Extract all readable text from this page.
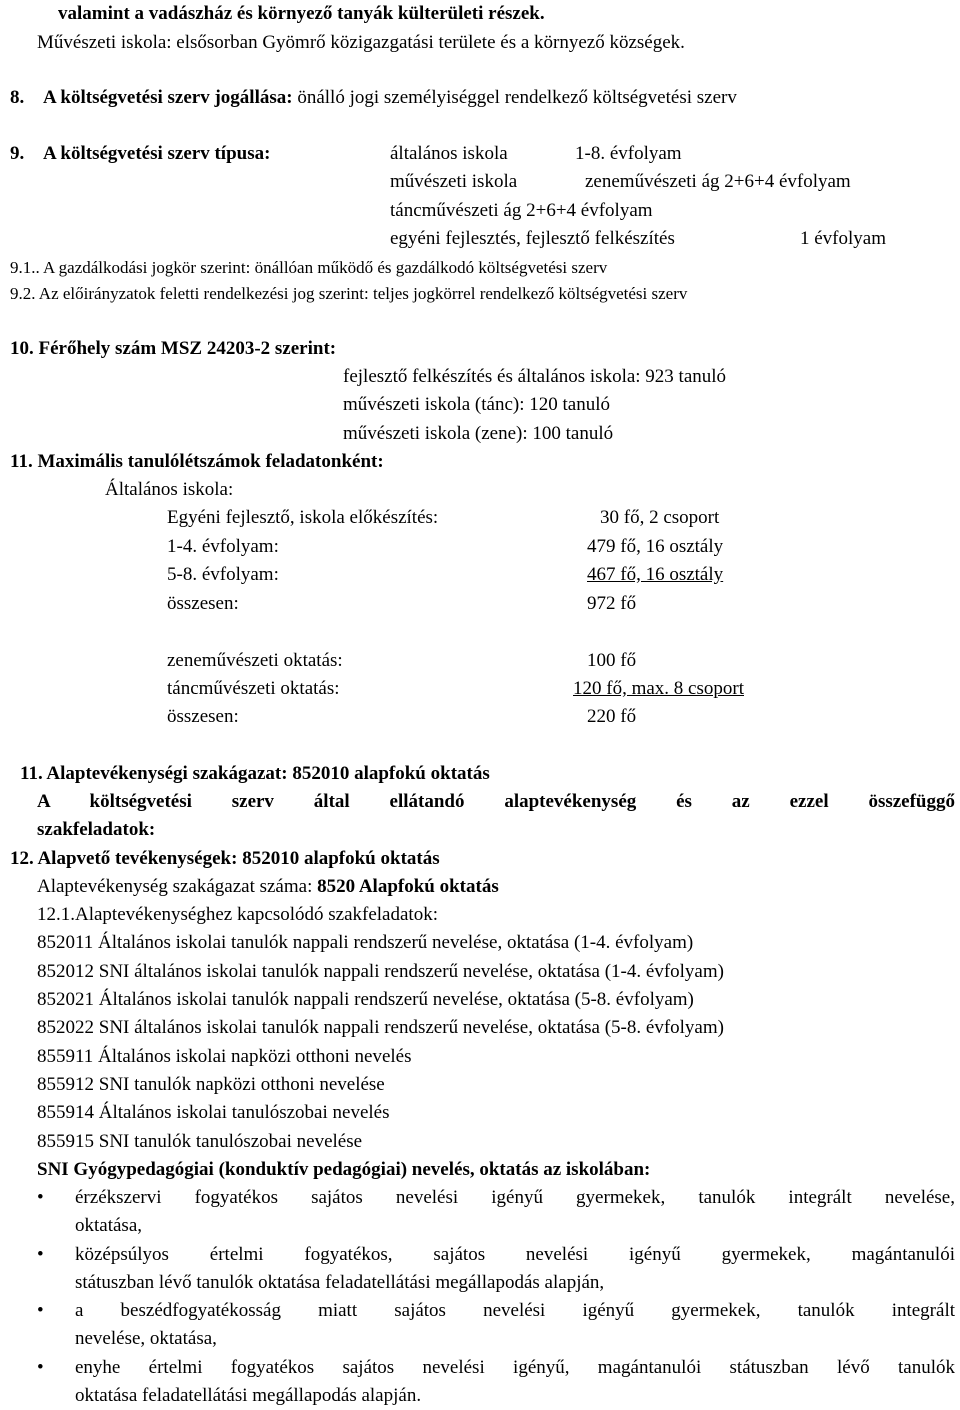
valamint a vadászház és környező tanyák külterületi részek.
Művészeti iskola: elsősorban Gyömrő közigazgatási területe és a környező községek.
8. A költségvetési szerv jogállása: önálló jogi személyiséggel rendelkező költségvetési szerv
9. A költségvetési szerv típusa:	általános iskola	1-8. évfolyam
művészeti iskola	zeneművészeti ág 2+6+4 évfolyam
táncművészeti ág 2+6+4 évfolyam
egyéni fejlesztés, fejlesztő felkészítés	1 évfolyam
9.1.. A gazdálkodási jogkör szerint: önállóan működő és gazdálkodó költségvetési szerv
9.2. Az előirányzatok feletti rendelkezési jog szerint: teljes jogkörrel rendelkező költségvetési szerv
10. Férőhely szám MSZ 24203-2 szerint:
fejlesztő felkészítés és általános iskola: 923 tanuló
művészeti iskola (tánc): 120 tanuló
művészeti iskola (zene): 100 tanuló
11. Maximális tanulólétszámok feladatonként:
Általános iskola:
Egyéni fejlesztő, iskola előkészítés:	30 fő, 2 csoport
1-4. évfolyam:	479 fő, 16 osztály
5-8. évfolyam:	467 fő, 16 osztály
összesen:	972 fő
zeneművészeti oktatás:	100 fő
táncművészeti oktatás:	120 fő, max. 8 csoport
összesen:	220 fő
11. Alaptevékenységi szakágazat: 852010 alapfokú oktatás
A költségvetési szerv által ellátandó alaptevékenység és az ezzel összefüggő
szakfeladatok:
12. Alapvető tevékenységek: 852010 alapfokú oktatás
Alaptevékenység szakágazat száma: 8520 Alapfokú oktatás
12.1.Alaptevékenységhez kapcsolódó szakfeladatok:
852011 Általános iskolai tanulók nappali rendszerű nevelése, oktatása (1-4. évfolyam)
852012 SNI általános iskolai tanulók nappali rendszerű nevelése, oktatása (1-4. évfolyam)
852021 Általános iskolai tanulók nappali rendszerű nevelése, oktatása (5-8. évfolyam)
852022 SNI általános iskolai tanulók nappali rendszerű nevelése, oktatása (5-8. évfolyam)
855911 Általános iskolai napközi otthoni nevelés
855912 SNI tanulók napközi otthoni nevelése
855914 Általános iskolai tanulószobai nevelés
855915 SNI tanulók tanulószobai nevelése
SNI Gyógypedagógiai (konduktív pedagógiai) nevelés, oktatás az iskolában:
• érzékszervi fogyatékos sajátos nevelési igényű gyermekek, tanulók integrált nevelése,
oktatása,
• középsúlyos értelmi fogyatékos, sajátos nevelési igényű gyermekek, magántanulói
státuszban lévő tanulók oktatása feladatellátási megállapodás alapján,
• a beszédfogyatékosság miatt sajátos nevelési igényű gyermekek, tanulók integrált
nevelése, oktatása,
• enyhe értelmi fogyatékos sajátos nevelési igényű, magántanulói státuszban lévő tanulók
oktatása feladatellátási megállapodás alapján.
